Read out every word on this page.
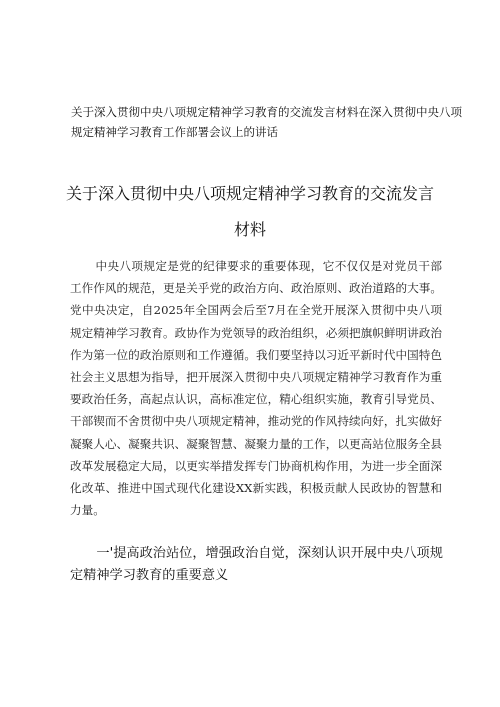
关于深入贯彻中央八项规定精神学习教育的交流发言材料在深入贯彻中央八项规定精神学习教育工作部署会议上的讲话
关于深入贯彻中央八项规定精神学习教育的交流发言材料

中央八项规定是党的纪律要求的重要体现，它不仅仅是对党员干部工作作风的规范，更是关乎党的政治方向、政治原则、政治道路的大事。党中央决定，自2025年全国两会后至7月在全党开展深入贯彻中央八项规定精神学习教育。政协作为党领导的政治组织，必须把旗帜鲜明讲政治作为第一位的政治原则和工作遵循。我们要坚持以习近平新时代中国特色社会主义思想为指导，把开展深入贯彻中央八项规定精神学习教育作为重要政治任务，高起点认识，高标准定位，精心组织实施，教育引导党员、干部锲而不舍贯彻中央八项规定精神，推动党的作风持续向好，扎实做好凝聚人心、凝聚共识、凝聚智慧、凝聚力量的工作，以更高站位服务全县改革发展稳定大局，以更实举措发挥专门协商机构作用，为进一步全面深化改革、推进中国式现代化建设XX新实践，积极贡献人民政协的智慧和力量。

一'提高政治站位，增强政治自觉，深刻认识开展中央八项规定精神学习教育的重要意义
